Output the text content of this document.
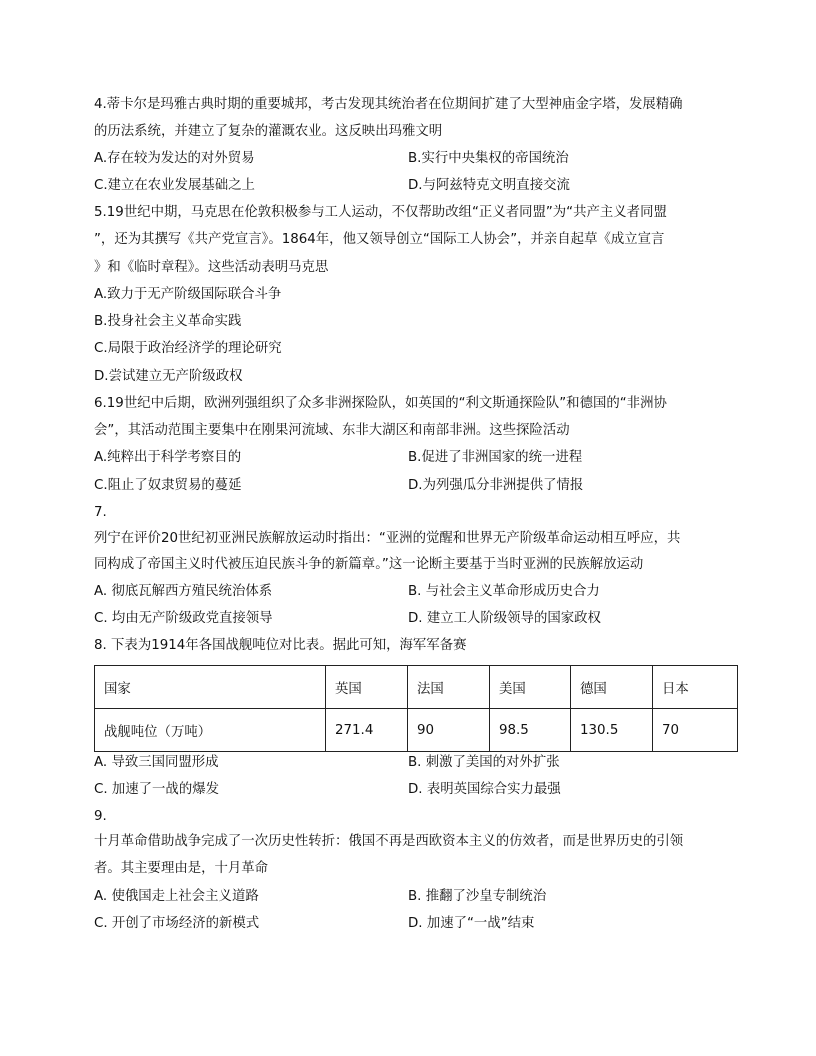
4.蒂卡尔是玛雅古典时期的重要城邦，考古发现其统治者在位期间扩建了大型神庙金字塔，发展精确
的历法系统，并建立了复杂的灌溉农业。这反映出玛雅文明
A.存在较为发达的对外贸易	B.实行中央集权的帝国统治
C.建立在农业发展基础之上	D.与阿兹特克文明直接交流
5.19世纪中期，马克思在伦敦积极参与工人运动，不仅帮助改组“正义者同盟”为“共产主义者同盟
”，还为其撰写《共产党宣言》。1864年，他又领导创立“国际工人协会”，并亲自起草《成立宣言
》和《临时章程》。这些活动表明马克思
A.致力于无产阶级国际联合斗争
B.投身社会主义革命实践
C.局限于政治经济学的理论研究
D.尝试建立无产阶级政权
6.19世纪中后期，欧洲列强组织了众多非洲探险队，如英国的“利文斯通探险队”和德国的“非洲协
会”，其活动范围主要集中在刚果河流域、东非大湖区和南部非洲。这些探险活动
A.纯粹出于科学考察目的	B.促进了非洲国家的统一进程
C.阻止了奴隶贸易的蔓延	D.为列强瓜分非洲提供了情报
7.
列宁在评价20世纪初亚洲民族解放运动时指出：“亚洲的觉醒和世界无产阶级革命运动相互呼应，共
同构成了帝国主义时代被压迫民族斗争的新篇章。”这一论断主要基于当时亚洲的民族解放运动
A. 彻底瓦解西方殖民统治体系	B. 与社会主义革命形成历史合力
C. 均由无产阶级政党直接领导	D. 建立工人阶级领导的国家政权
8. 下表为1914年各国战舰吨位对比表。据此可知，海军军备赛
国家	英国	法国	美国	德国	日本
战舰吨位（万吨）	271.4	90	98.5	130.5	70
A. 导致三国同盟形成	B. 刺激了美国的对外扩张
C. 加速了一战的爆发	D. 表明英国综合实力最强
9.
十月革命借助战争完成了一次历史性转折：俄国不再是西欧资本主义的仿效者，而是世界历史的引领
者。其主要理由是，十月革命
A. 使俄国走上社会主义道路	B. 推翻了沙皇专制统治
C. 开创了市场经济的新模式	D. 加速了“一战”结束
